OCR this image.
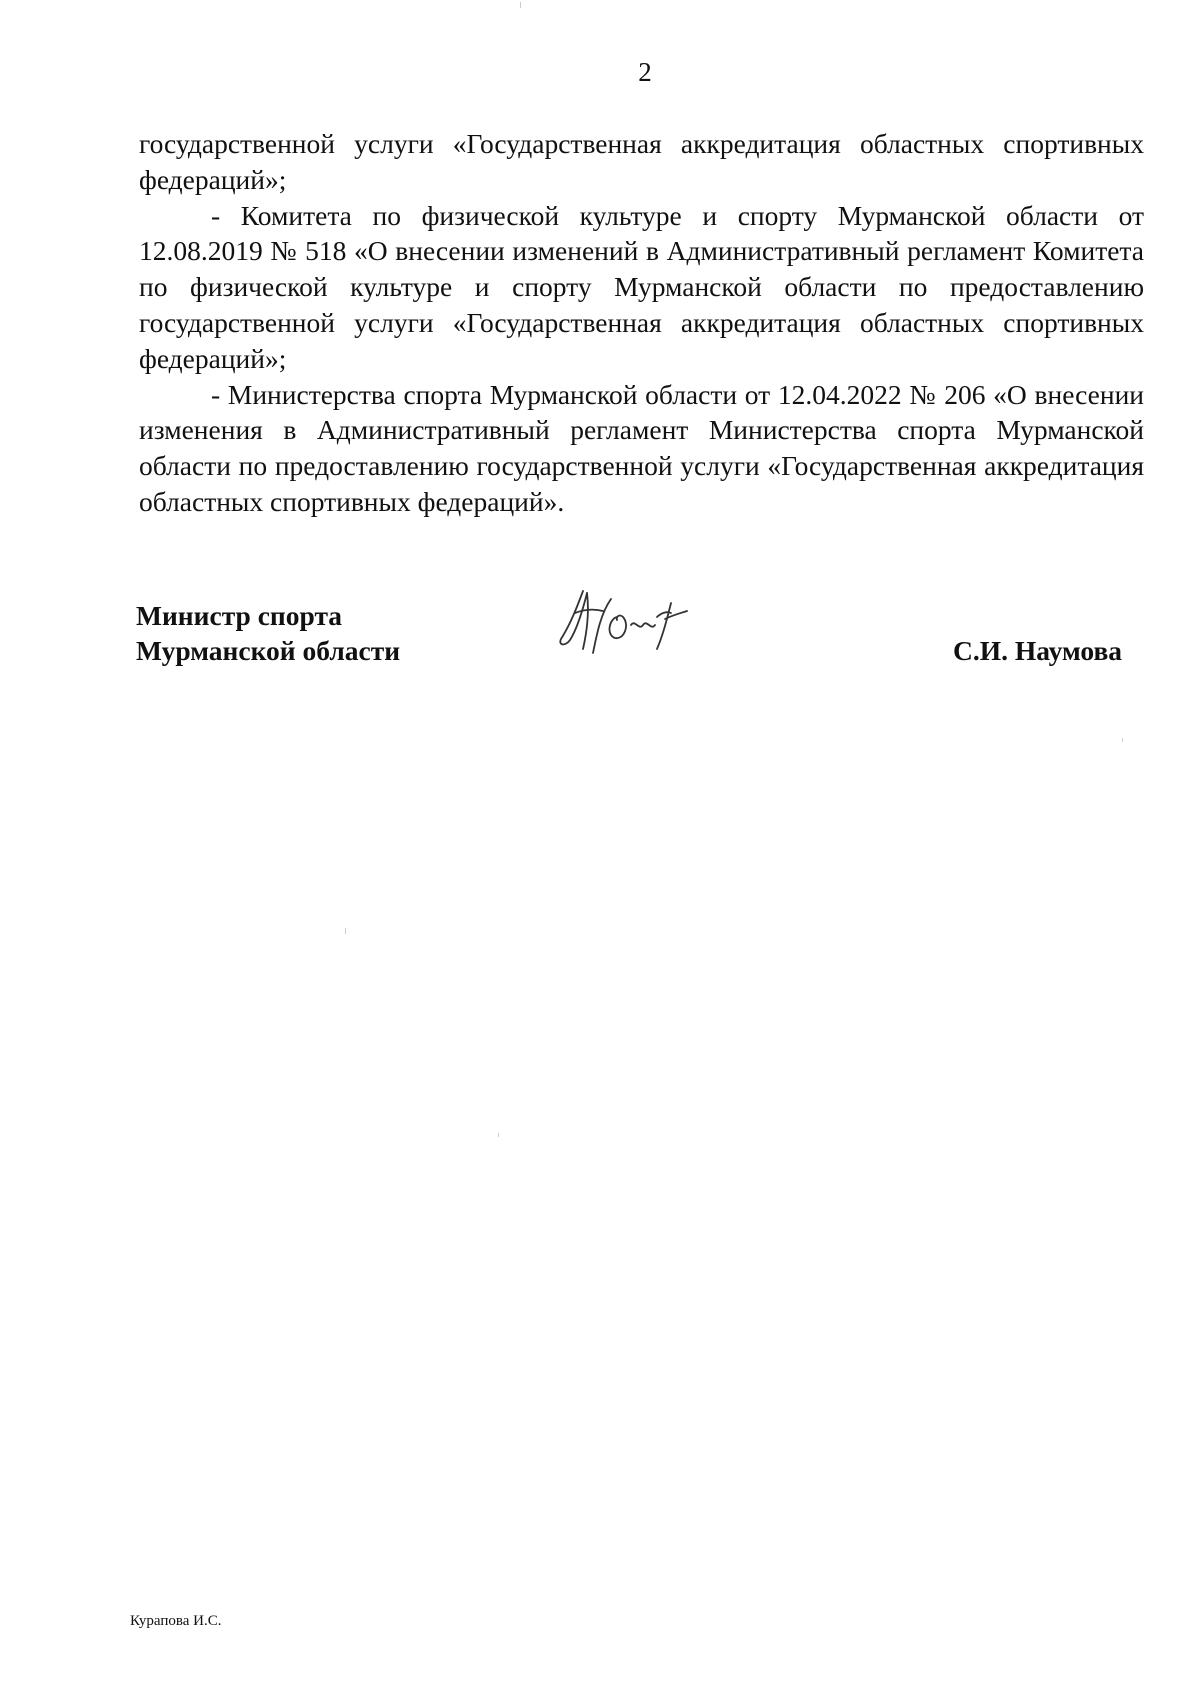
2

государственной услуги «Государственная аккредитация областных спортивных федераций»;

- Комитета по физической культуре и спорту Мурманской области от 12.08.2019 № 518 «О внесении изменений в Административный регламент Комитета по физической культуре и спорту Мурманской области по предоставлению государственной услуги «Государственная аккредитация областных спортивных федераций»;

- Министерства спорта Мурманской области от 12.04.2022 № 206 «О внесении изменения в Административный регламент Министерства спорта Мурманской области по предоставлению государственной услуги «Государственная аккредитация областных спортивных федераций».

Министр спорта
Мурманской области	С.И. Наумова
Курапова И.С.
